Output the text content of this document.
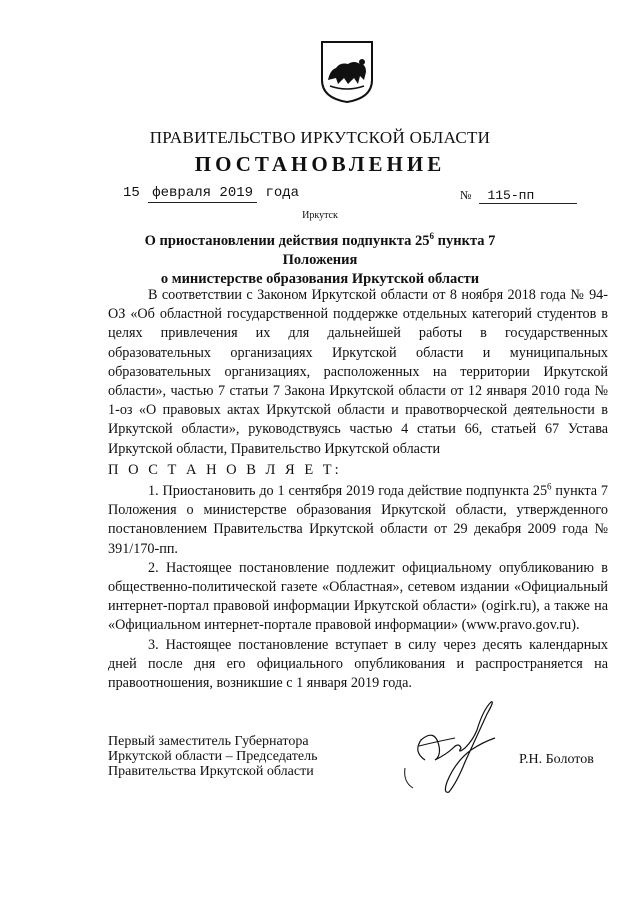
ПРАВИТЕЛЬСТВО ИРКУТСКОЙ ОБЛАСТИ
ПОСТАНОВЛЕНИЕ
15 февраля 2019 года	№ 115-пп
Иркутск
О приостановлении действия подпункта $25^6$ пункта 7 Положения
о министерстве образования Иркутской области

В соответствии с Законом Иркутской области от 8 ноября 2018 года № 94-ОЗ «Об областной государственной поддержке отдельных категорий студентов в целях привлечения их для дальнейшей работы в государственных образовательных организациях Иркутской области и муниципальных образовательных организациях, расположенных на территории Иркутской области», частью 7 статьи 7 Закона Иркутской области от 12 января 2010 года № 1-оз «О правовых актах Иркутской области и правотворческой деятельности в Иркутской области», руководствуясь частью 4 статьи 66, статьей 67 Устава Иркутской области, Правительство Иркутской области

П О С Т А Н О В Л Я Е Т:

1. Приостановить до 1 сентября 2019 года действие подпункта $25^6$ пункта 7 Положения о министерстве образования Иркутской области, утвержденного постановлением Правительства Иркутской области от 29 декабря 2009 года № 391/170-пп.

2. Настоящее постановление подлежит официальному опубликованию в общественно-политической газете «Областная», сетевом издании «Официальный интернет-портал правовой информации Иркутской области» (ogirk.ru), а также на «Официальном интернет-портале правовой информации» (www.pravo.gov.ru).

3. Настоящее постановление вступает в силу через десять календарных дней после дня его официального опубликования и распространяется на правоотношения, возникшие с 1 января 2019 года.

Первый заместитель Губернатора
Иркутской области – Председатель
Правительства Иркутской области
Р.Н. Болотов
